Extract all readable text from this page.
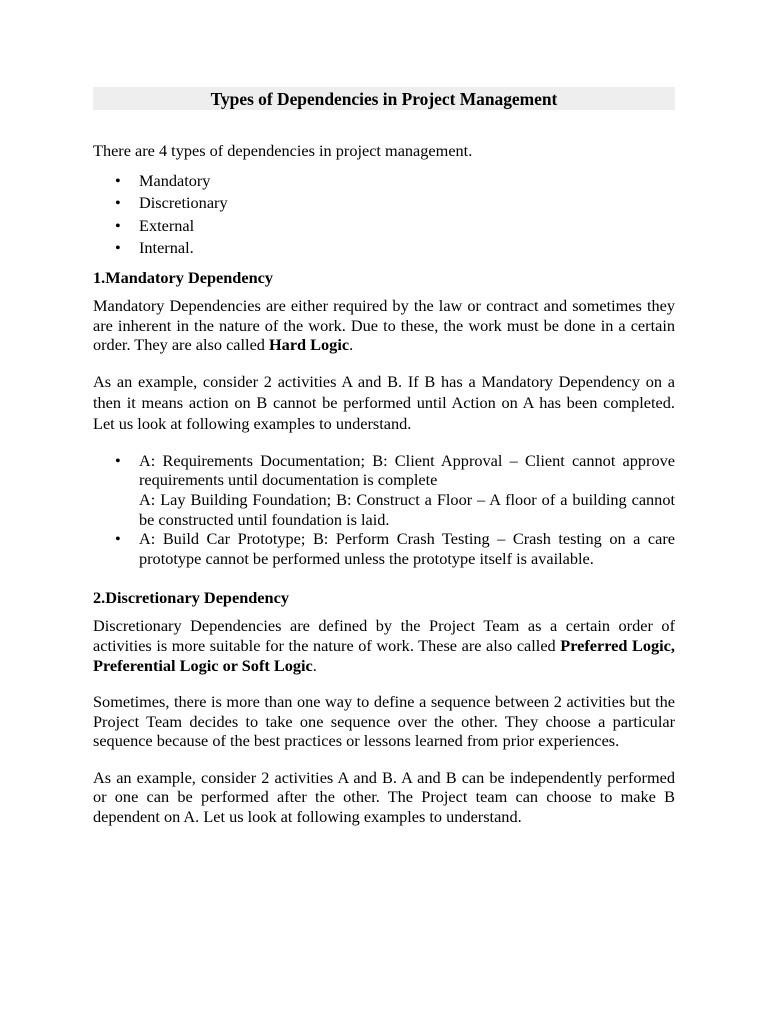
Types of Dependencies in Project Management

There are 4 types of dependencies in project management.

• Mandatory
• Discretionary
• External
• Internal.
1.Mandatory Dependency

Mandatory Dependencies are either required by the law or contract and sometimes they are inherent in the nature of the work. Due to these, the work must be done in a certain order. They are also called Hard Logic.

As an example, consider 2 activities A and B. If B has a Mandatory Dependency on a then it means action on B cannot be performed until Action on A has been completed. Let us look at following examples to understand.

• A: Requirements Documentation; B: Client Approval – Client cannot approve requirements until documentation is complete
A: Lay Building Foundation; B: Construct a Floor – A floor of a building cannot be constructed until foundation is laid.
• A: Build Car Prototype; B: Perform Crash Testing – Crash testing on a care prototype cannot be performed unless the prototype itself is available.
2.Discretionary Dependency

Discretionary Dependencies are defined by the Project Team as a certain order of activities is more suitable for the nature of work. These are also called Preferred Logic, Preferential Logic or Soft Logic.

Sometimes, there is more than one way to define a sequence between 2 activities but the Project Team decides to take one sequence over the other. They choose a particular sequence because of the best practices or lessons learned from prior experiences.

As an example, consider 2 activities A and B. A and B can be independently performed or one can be performed after the other. The Project team can choose to make B dependent on A. Let us look at following examples to understand.
